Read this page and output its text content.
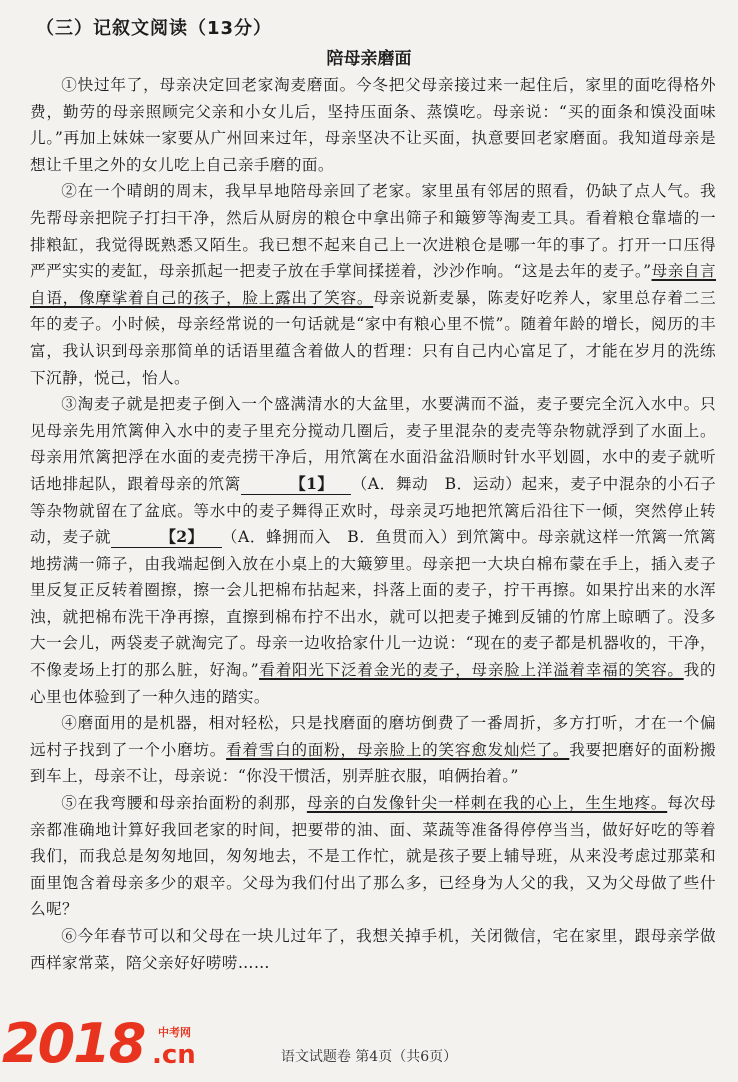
（三）记叙文阅读（13分）
陪母亲磨面

①快过年了，母亲决定回老家淘麦磨面。今冬把父母亲接过来一起住后，家里的面吃得格外费，勤劳的母亲照顾完父亲和小女儿后，坚持压面条、蒸馍吃。母亲说：“买的面条和馍没面味儿。”再加上妹妹一家要从广州回来过年，母亲坚决不让买面，执意要回老家磨面。我知道母亲是想让千里之外的女儿吃上自己亲手磨的面。

②在一个晴朗的周末，我早早地陪母亲回了老家。家里虽有邻居的照看，仍缺了点人气。我先帮母亲把院子打扫干净，然后从厨房的粮仓中拿出筛子和簸箩等淘麦工具。看着粮仓靠墙的一排粮缸，我觉得既熟悉又陌生。我已想不起来自己上一次进粮仓是哪一年的事了。打开一口压得严严实实的麦缸，母亲抓起一把麦子放在手掌间揉搓着，沙沙作响。“这是去年的麦子。”母亲自言自语，像摩挲着自己的孩子，脸上露出了笑容。母亲说新麦暴，陈麦好吃养人，家里总存着二三年的麦子。小时候，母亲经常说的一句话就是“家中有粮心里不慌”。随着年龄的增长，阅历的丰富，我认识到母亲那简单的话语里蕴含着做人的哲理：只有自己内心富足了，才能在岁月的洗练下沉静，悦己，怡人。

③淘麦子就是把麦子倒入一个盛满清水的大盆里，水要满而不溢，麦子要完全沉入水中。只见母亲先用笊篱伸入水中的麦子里充分搅动几圈后，麦子里混杂的麦壳等杂物就浮到了水面上。母亲用笊篱把浮在水面的麦壳捞干净后，用笊篱在水面沿盆沿顺时针水平划圆，水中的麦子就听话地排起队，跟着母亲的笊篱	【1】 （A．舞动　B．运动）起来，麦子中混杂的小石子等杂物就留在了盆底。等水中的麦子舞得正欢时，母亲灵巧地把笊篱后沿往下一倾，突然停止转动，麦子就	【2】 （A．蜂拥而入　B．鱼贯而入）到笊篱中。母亲就这样一笊篱一笊篱地捞满一筛子，由我端起倒入放在小桌上的大簸箩里。母亲把一大块白棉布蒙在手上，插入麦子里反复正反转着圈擦，擦一会儿把棉布拈起来，抖落上面的麦子，拧干再擦。如果拧出来的水浑浊，就把棉布洗干净再擦，直擦到棉布拧不出水，就可以把麦子摊到反铺的竹席上晾晒了。没多大一会儿，两袋麦子就淘完了。母亲一边收拾家什儿一边说：“现在的麦子都是机器收的，干净，不像麦场上打的那么脏，好淘。”看着阳光下泛着金光的麦子，母亲脸上洋溢着幸福的笑容。我的心里也体验到了一种久违的踏实。

④磨面用的是机器，相对轻松，只是找磨面的磨坊倒费了一番周折，多方打听，才在一个偏远村子找到了一个小磨坊。看着雪白的面粉，母亲脸上的笑容愈发灿烂了。我要把磨好的面粉搬到车上，母亲不让，母亲说：“你没干惯活，别弄脏衣服，咱俩抬着。”

⑤在我弯腰和母亲抬面粉的刹那，母亲的白发像针尖一样刺在我的心上，生生地疼。每次母亲都准确地计算好我回老家的时间，把要带的油、面、菜蔬等准备得停停当当，做好好吃的等着我们，而我总是匆匆地回，匆匆地去，不是工作忙，就是孩子要上辅导班，从来没考虑过那菜和面里饱含着母亲多少的艰辛。父母为我们付出了那么多，已经身为人父的我，又为父母做了些什么呢？

⑥今年春节可以和父母在一块儿过年了，我想关掉手机，关闭微信，宅在家里，跟母亲学做西样家常菜，陪父亲好好唠唠……

2018 中考网
.cn	语文试题卷 第4页（共6页）
